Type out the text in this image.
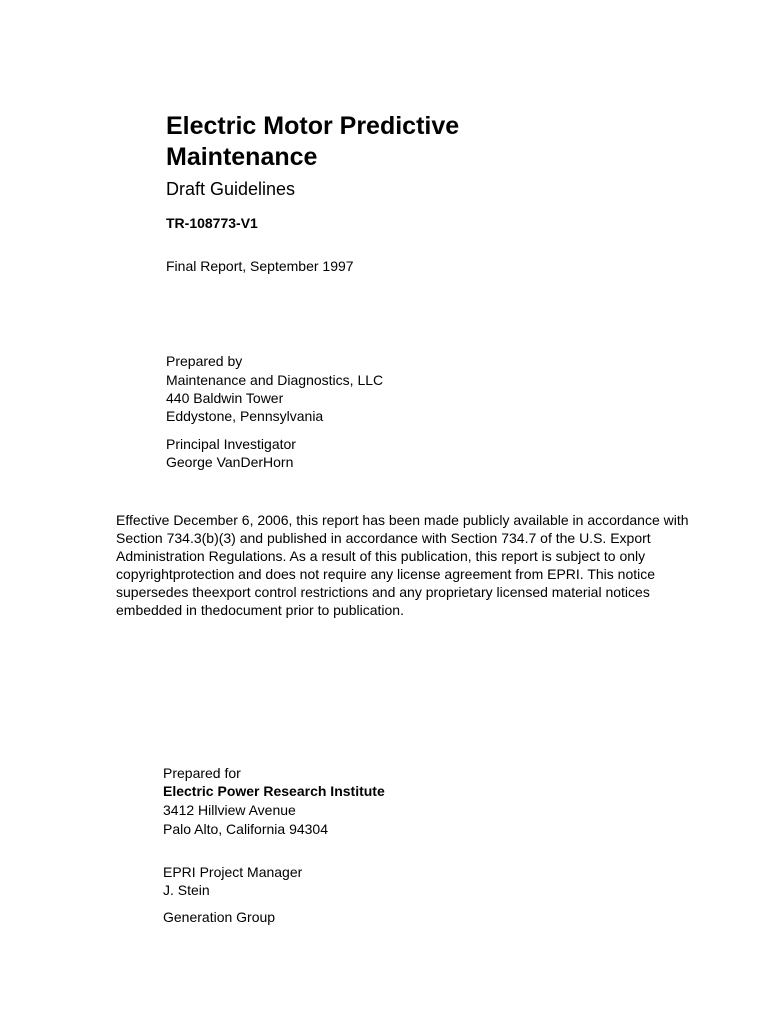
Electric Motor Predictive
Maintenance
Draft Guidelines
TR-108773-V1
Final Report, September 1997
Prepared by
Maintenance and Diagnostics, LLC
440 Baldwin Tower
Eddystone, Pennsylvania
Principal Investigator
George VanDerHorn
Effective December 6, 2006, this report has been made publicly available in accordance with
Section 734.3(b)(3) and published in accordance with Section 734.7 of the U.S. Export
Administration Regulations. As a result of this publication, this report is subject to only
copyrightprotection and does not require any license agreement from EPRI. This notice
supersedes theexport control restrictions and any proprietary licensed material notices
embedded in thedocument prior to publication.
Prepared for
Electric Power Research Institute
3412 Hillview Avenue
Palo Alto, California 94304
EPRI Project Manager
J. Stein
Generation Group
